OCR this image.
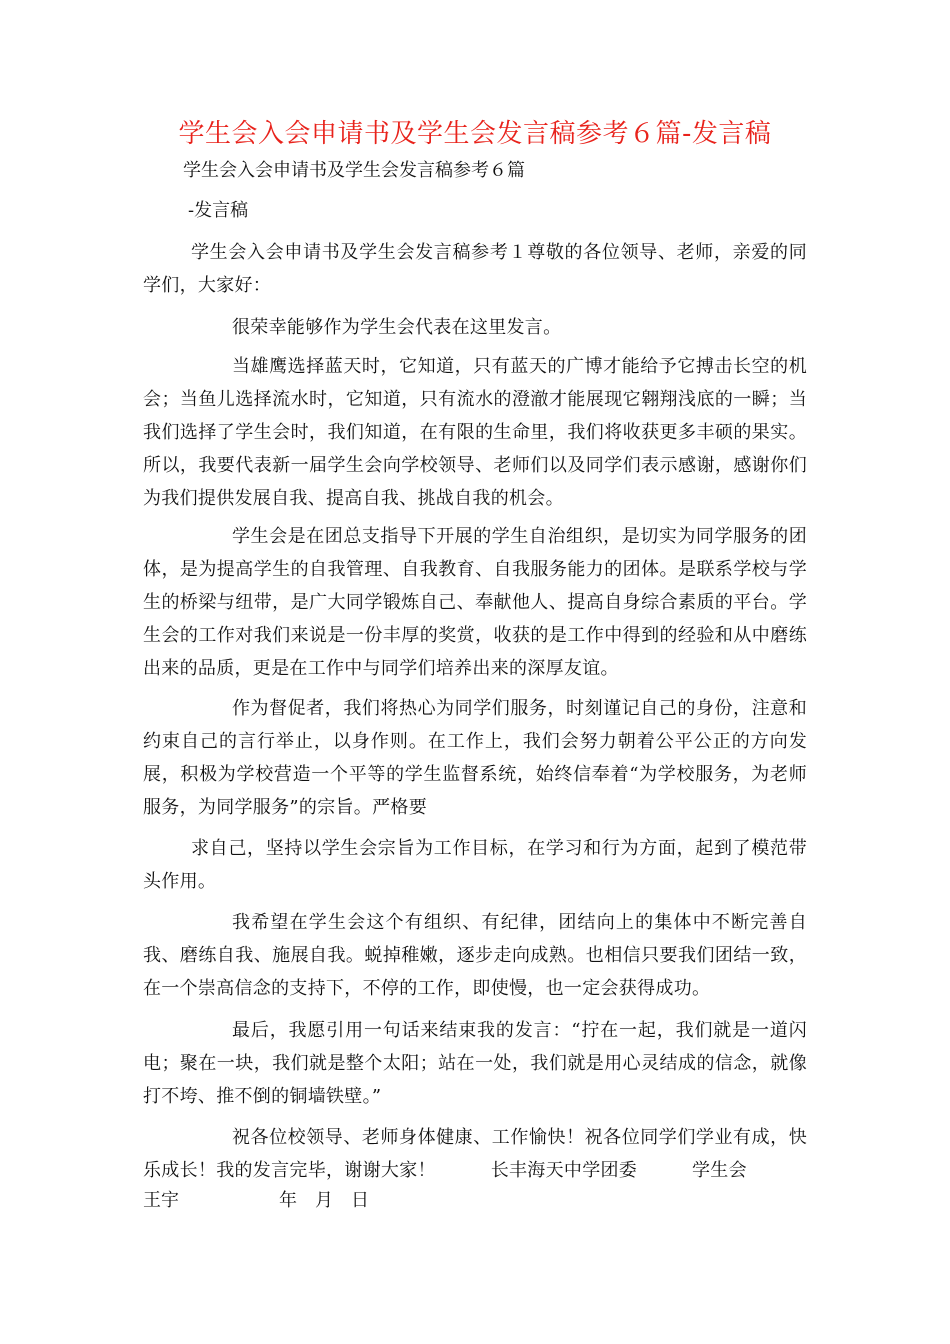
学生会入会申请书及学生会发言稿参考６篇-发言稿

学生会入会申请书及学生会发言稿参考６篇

-发言稿

学生会入会申请书及学生会发言稿参考１尊敬的各位领导、老师，亲爱的同学们，大家好：

很荣幸能够作为学生会代表在这里发言。

当雄鹰选择蓝天时，它知道，只有蓝天的广博才能给予它搏击长空的机会；当鱼儿选择流水时，它知道，只有流水的澄澈才能展现它翱翔浅底的一瞬；当我们选择了学生会时，我们知道，在有限的生命里，我们将收获更多丰硕的果实。所以，我要代表新一届学生会向学校领导、老师们以及同学们表示感谢，感谢你们为我们提供发展自我、提高自我、挑战自我的机会。

学生会是在团总支指导下开展的学生自治组织，是切实为同学服务的团体，是为提高学生的自我管理、自我教育、自我服务能力的团体。是联系学校与学生的桥梁与纽带，是广大同学锻炼自己、奉献他人、提高自身综合素质的平台。学生会的工作对我们来说是一份丰厚的奖赏，收获的是工作中得到的经验和从中磨练出来的品质，更是在工作中与同学们培养出来的深厚友谊。

作为督促者，我们将热心为同学们服务，时刻谨记自己的身份，注意和约束自己的言行举止，以身作则。在工作上，我们会努力朝着公平公正的方向发展，积极为学校营造一个平等的学生监督系统，始终信奉着“为学校服务，为老师服务，为同学服务”的宗旨。严格要

求自己，坚持以学生会宗旨为工作目标，在学习和行为方面，起到了模范带头作用。

我希望在学生会这个有组织、有纪律，团结向上的集体中不断完善自我、磨练自我、施展自我。蜕掉稚嫩，逐步走向成熟。也相信只要我们团结一致，在一个崇高信念的支持下，不停的工作，即使慢，也一定会获得成功。

最后，我愿引用一句话来结束我的发言：“拧在一起，我们就是一道闪电；聚在一块，我们就是整个太阳；站在一处，我们就是用心灵结成的信念，就像打不垮、推不倒的铜墙铁壁。”

祝各位校领导、老师身体健康、工作愉快！祝各位同学们学业有成，快乐成长！我的发言完毕，谢谢大家！　　　长丰海天中学团委　　　学生会

王宇	年　月　日
